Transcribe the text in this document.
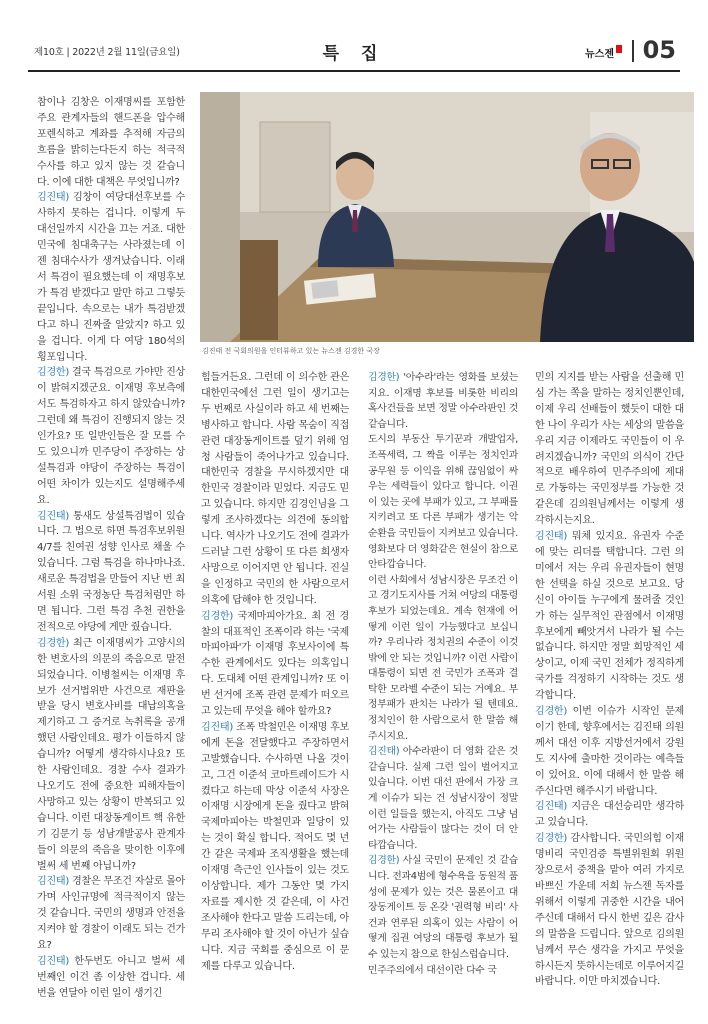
제10호 | 2022년 2월 11일(금요일)	특 집	뉴스젠	05
김진태 전 국회의원을 인터뷰하고 있는 뉴스젠 김경한 국장

참이나 김창은 이재명씨를 포함한 주요 관계자들의 핸드폰을 압수해 포렌식하고 계좌를 추적해 자금의 흐름을 밝히는다든지 하는 적극적 수사를 하고 있지 않는 것 같습니다. 이에 대한 대책은 무엇입니까?

김진태) 김창이 여당대선후보를 수사하지 못하는 겁니다. 이렇게 두 대선일까지 시간을 끄는 거죠. 대한민국에 침대축구는 사라졌는데 이젠 침대수사가 생겨났습니다. 이래서 특검이 필요했는데 이 재명후보가 특검 받겠다고 말만 하고 그렇듯 끝입니다. 속으로는 내가 특검받겠다고 하니 진짜줄 알았지? 하고 있을 겁니다. 이게 다 여당 180석의 횡포입니다.

김경한) 결국 특검으로 가야만 진상이 밝혀지겠군요. 이재명 후보측에서도 특검하자고 하지 않았습니까? 그런데 왜 특검이 진행되지 않는 것인가요? 또 일반인들은 잘 모를 수도 있으니까 민주당이 주장하는 상설특검과 야당이 주장하는 특검이 어떤 차이가 있는지도 설명해주세요.

김진태) 통새도 상설특검법이 있습니다. 그 법으로 하면 특검후보위원 4/7를 친여권 성향 인사로 채울 수 있습니다. 그럼 특검을 하나마나죠. 새로운 특검법을 만들어 지난 번 최서원 소위 국정농단 특검처럼만 하면 됩니다. 그런 특검 추천 권한을 전적으로 야당에 게만 줬습니다.

김경한) 최근 이재명씨가 고양시의 한 변호사의 의문의 죽음으로 말전되었습니다. 이병철씨는 이재명 후보가 선거법위반 사건으로 재판을 받을 당시 변호사비를 대납의혹을 제기하고 그 증거로 녹취록을 공개했던 사람인데요. 평가 이들하지 않습니까? 어떻게 생각하시나요? 또 한 사람인데요. 경찰 수사 결과가 나오기도 전에 중요한 피해자들이 사망하고 있는 상황이 반복되고 있습니다. 이런 대장동게이트 핵 유한기 김문기 등 성남개발공사 관계자들이 의문의 죽음을 맞이한 이후에 벌써 세 번째 아닙니까?

김진태) 경찰은 무조건 자살로 몰아가며 사인규명에 적극적이지 않는 것 같습니다. 국민의 생명과 안전을 지켜야 할 경찰이 이래도 되는 건가요?

김진태) 한두번도 아니고 벌써 세 번째인 이건 좀 이상한 겁니다. 세 번을 연달아 이런 일이 생기긴

힘들거든요. 그런데 이 의수한 관은 대한민국에선 그런 일이 생기고는 두 번째로 사실이라 하고 세 번째는 병사하고 합니다. 사람 목숨이 직접 관련 대장동게이트를 덮기 위해 엄청 사람들이 죽어나가고 있습니다. 대한민국 경찰을 무시하겠지만 대한민국 경찰이라 믿었다. 지금도 믿고 있습니다. 하지만 김경인님을 그렇게 조사하겠다는 의견에 동의합니다. 역사가 나오기도 전에 결과가 드러날 그런 상황이 또 다른 희생자 사망으로 이어지면 안 됩니다. 진실을 인정하고 국민의 한 사람으로서 의혹에 답해야 한 것입니다.

김경한) 국제마피아가요. 최 전 경찰의 대표적인 조폭이라 하는 '국제마피아파'가 이재명 후보사이에 특수한 관계에서도 있다는 의혹입니다. 도대체 어떤 관계입니까? 또 이번 선거에 조폭 관련 문제가 떠오르고 있는데 무엇을 해야 할까요?

김진태) 조폭 박철민은 이재명 후보에게 돈을 전달했다고 주장하면서 고발했습니다. 수사하면 나올 것이고, 그건 이준석 코마트레이드가 시켰다고 하는데 막상 이준석 사장은 이재명 시장에게 돈을 줬다고 밝혀 국제마피아는 박철민과 일당이 있는 것이 확실 합니다. 적어도 몇 년 간 같은 국제파 조직생활을 했는데 이재명 측근인 인사들이 있는 것도 이상합니다. 제가 그동안 몇 가지 자료를 제시한 것 같은데, 이 사건 조사해야 한다고 말씀 드리는데, 아무리 조사해야 할 것이 아닌가 싶습니다. 지금 국회를 중심으로 이 문제를 다루고 있습니다.

김경한) '아수라'라는 영화를 보셨는지요. 이재명 후보를 비롯한 비리의혹사건들을 보면 정말 아수라판인 것 같습니다.

도시의 부동산 투기꾼과 개발업자, 조폭세력, 그 짝을 이루는 정치인과 공무원 등 이익을 위해 끊임없이 싸우는 세력들이 있다고 합니다. 이권이 있는 곳에 부패가 있고, 그 부패를 지키려고 또 다른 부패가 생기는 악순환을 국민들이 지켜보고 있습니다. 영화보다 더 영화같은 현실이 참으로 안타깝습니다.

이런 사회에서 성남시장은 무조건 이고 경기도지사를 거쳐 여당의 대통령 후보가 되었는데요. 계속 현재에 어떻게 이런 일이 가능했다고 보십니까? 우리나라 정치권의 수준이 이것밖에 안 되는 것입니까? 이런 사람이 대통령이 되면 전 국민가 조폭과 결탁한 모라벨 수준이 되는 거예요. 부정부패가 판치는 나라가 될 텐데요. 정치인이 한 사람으로서 한 말씀 해주시지요.

김진태) 아수라판이 더 영화 같은 것 같습니다. 실제 그런 일이 벌어지고 있습니다. 이번 대선 판에서 가장 크게 이슈가 되는 건 성남시장이 정말 이런 일들을 했는지, 아직도 그냥 넘어가는 사람들이 많다는 것이 더 안타깝습니다.

김경한) 사실 국민이 문제인 것 같습니다. 전과4범에 형수욕을 동원적 품성에 문제가 있는 것은 물론이고 대장동게이트 등 온갖 '권력형 비리' 사건과 연루된 의혹이 있는 사람이 어떻게 집권 여당의 대통령 후보가 될 수 있는지 참으로 한심스럽습니다.

민주주의에서 대선이란 다수 국

민의 지지를 받는 사람을 선출해 민심 가는 쪽을 말하는 정치인뿐인데, 이제 우리 선배들이 했듯이 대한 대한 나이 우리가 사는 세상의 말씀을 우리 지금 이제라도 국민들이 이 우려지겠습니까? 국민의 의식이 간단적으로 배우하여 민주주의에 제대로 가동하는 국민정부를 가능한 것 같은데 김의원님께서는 이렇게 생각하시는지요.

김진태) 뭐체 있지요. 유권자 수준에 맞는 리더를 택합니다. 그런 의미에서 저는 우리 유권자들이 현명한 선택을 하실 것으로 보고요. 당신이 아이들 누구에게 물려줄 것인가 하는 실무적인 관점에서 이재명 후보에게 빼앗겨서 나라가 될 수는 없습니다. 하지만 정말 희망적인 세상이고, 이제 국민 전체가 정직하게 국가를 걱정하기 시작하는 것도 생각합니다.

김경한) 이번 이슈가 시작인 문제 이기 한데, 향후에서는 김진태 의원께서 대선 이후 지방선거에서 강원도 지사에 출마한 것이라는 예측들이 있어요. 이에 대해서 한 말씀 해 주신다면 해주시기 바랍니다.

김진태) 지금은 대선승리만 생각하고 있습니다.

김경한) 감사합니다. 국민의힘 이재명비리 국민검증 특별위원회 위원장으로서 중책을 맡아 여러 가지로 바쁘신 가운데 저희 뉴스젠 독자를 위해서 이렇게 귀중한 시간을 내어주신데 대해서 다시 한번 깊은 감사의 말씀을 드립니다. 앞으로 김의원님께서 무슨 생각을 가지고 무엇을 하시든지 뜻하시는데로 이루어지길 바랍니다. 이만 마치겠습니다.
